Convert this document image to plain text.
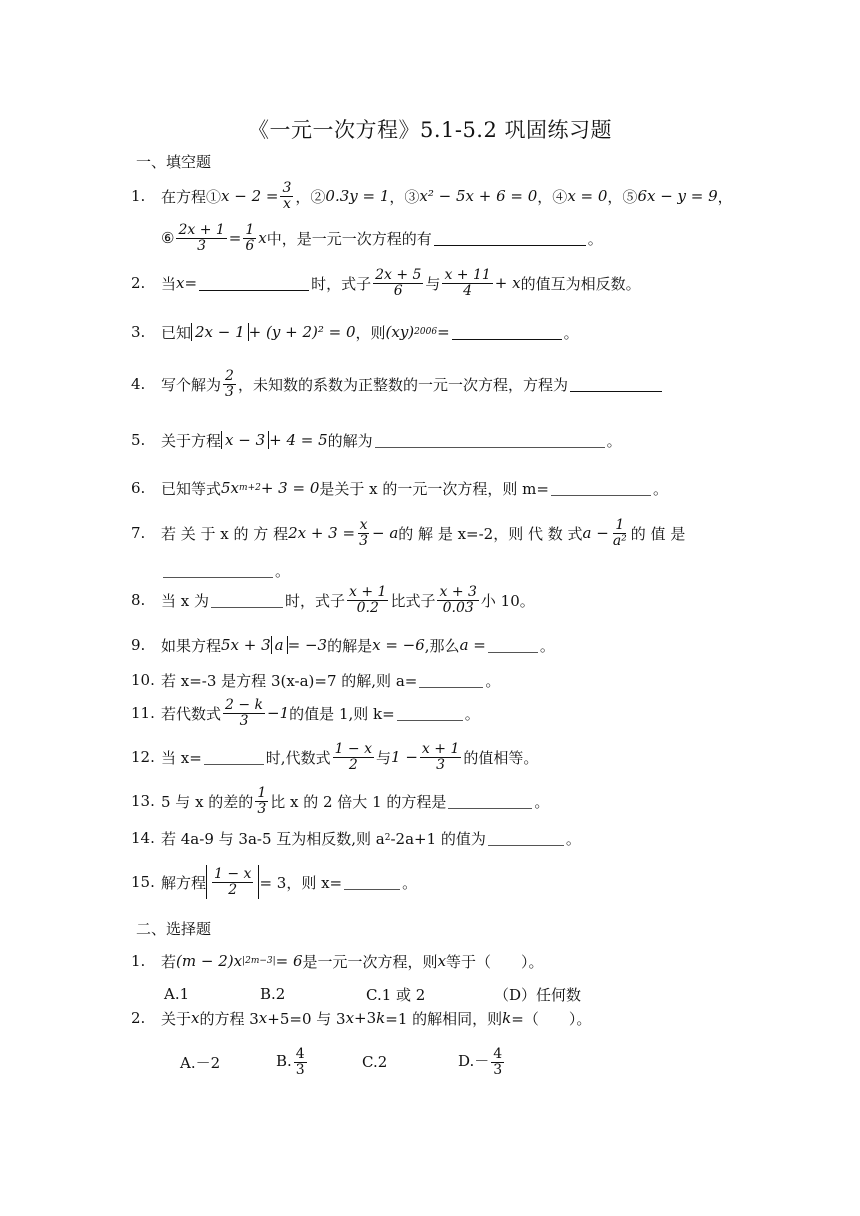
《一元一次方程》5.1-5.2 巩固练习题
一、填空题
1.	在方程① $x - 2 = \frac{3}{x}$ ，② 0.3y = 1 ，③ x² − 5x + 6 = 0 ，④ x = 0 ，⑤ 6x − y = 9 ，
⑥ $\frac{2x + 1}{3} = \frac{1}{6}$ x 中，是一元一次方程的有	。
2.	当 x =	时，式子 $\frac{2x + 5}{6}$ 与 $\frac{x + 11}{4} + x$ 的值互为相反数。
3.	已知 2x − 1 + (y + 2)² = 0 ，则 (xy) 2006 =	。
4.	写个解为 $\frac{2}{3}$ ，未知数的系数为正整数的一元一次方程，方程为
5.	关于方程 x − 3 + 4 = 5 的解为	。
6.	已知等式 5x m+2 + 3 = 0 是关于 x 的一元一次方程，则 m=	。
7.	若 关 于 x 的 方 程 $2x + 3 = \frac{x}{3} - a$ 的 解 是 x=-2，则 代 数 式 $a - \frac{1}{\text{a²}}$ 的 值 是
。
8.	当 x 为	时，式子 $\frac{x + 1}{0.2}$ 比式子 $\frac{x + 3}{0.03}$ 小 10。
9.	如果方程 5x + 3 a = −3 的解是 x = −6 ,那么 a =	。
10. 若 x=-3 是方程 3(x-a)=7 的解,则 a=	。
11. 若代数式 $\frac{2 - k}{3} -1$ 的值是 1,则 k=	。
12. 当 x=	时,代数式 $\frac{1 - x}{2}$ 与 $1 - \frac{x + 1}{3}$ 的值相等。
13. 5 与 x 的差的 $\frac{1}{3}$ 比 x 的 2 倍大 1 的方程是	。
14. 若 4a-9 与 3a-5 互为相反数,则 a 2 -2a+1 的值为	。
15. 解方程 $\frac{1 - x}{2} = 3$，则 x=	。
二、选择题
1.	若 (m − 2)x |2m−3| = 6 是一元一次方程，则 x 等于（　　）。
A.1	B.2	C.1 或 2	（D）任何数
2.	关于 x 的方程 3 x +5=0 与 3 x +3 k =1 的解相同，则 k =（　　）。
A.－2	B. $\frac{4}{3}$	C.2	$D.- \frac{4}{3}$
